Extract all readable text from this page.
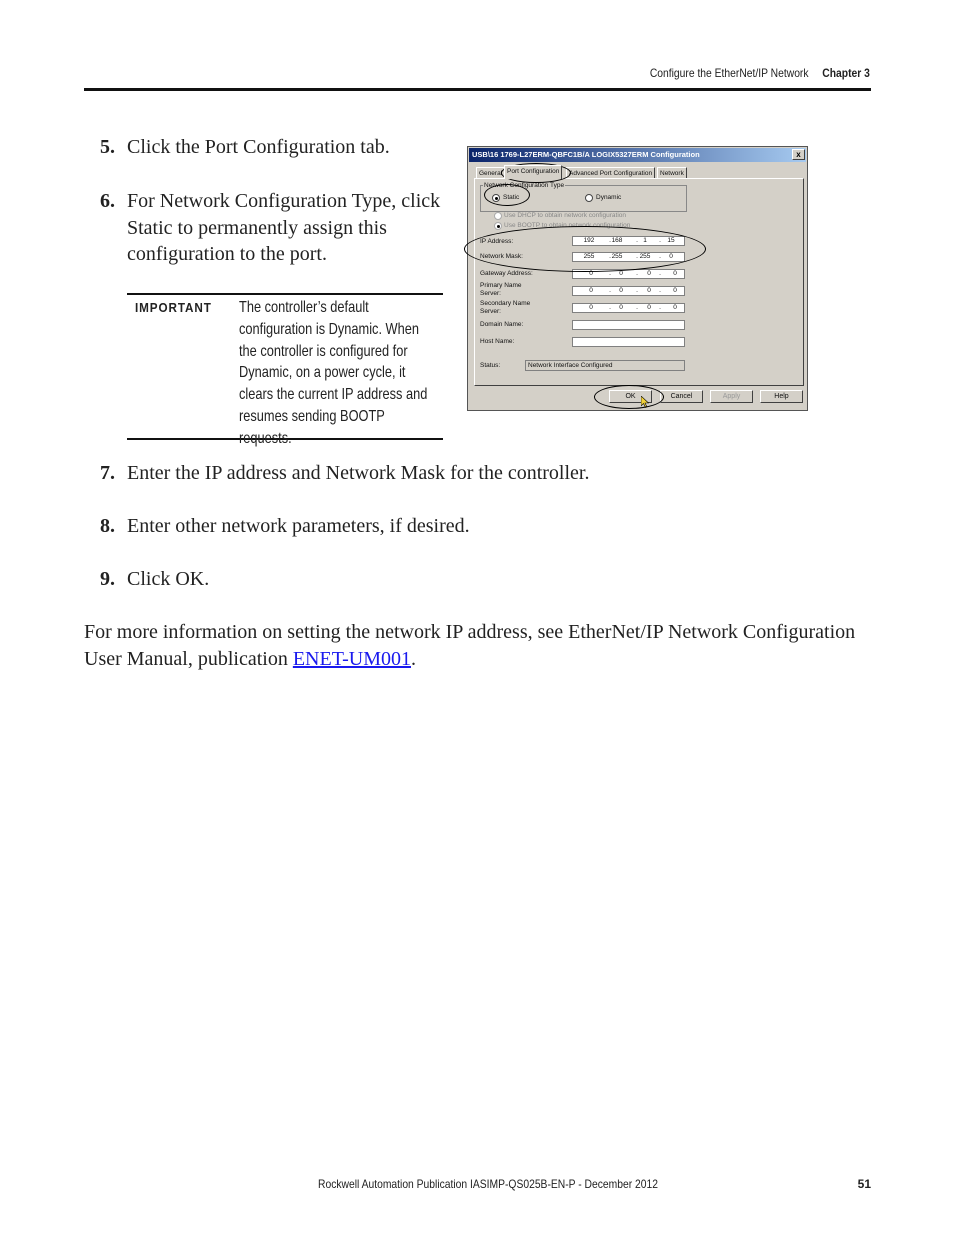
Configure the EtherNet/IP Network Chapter 3
5. Click the Port Configuration tab.
6. For Network Configuration Type, click Static to permanently assign this configuration to the port.
IMPORTANT The controller’s default configuration is Dynamic. When the controller is configured for Dynamic, on a power cycle, it clears the current IP address and resumes sending BOOTP requests.
USB\16 1769-L27ERM-QBFC1B/A LOGIX5327ERM Configuration	x
General Port Configuration	Advanced Port Configuration	Network
Network Configuration Type
Static	Dynamic
Use DHCP to obtain network configuration
Use BOOTP to obtain network configuration
IP Address:	192	. 168	. 1	. 15
Network Mask:	255	. 255	. 255	.	0
Gateway Address:	0	.	0	.	0	.	0
Primary Name Server:	0	.	0	.	0	.	0
Secondary Name Server:	0	.	0	.	0	.	0
Domain Name:
Host Name:
Status:	Network Interface Configured
OK	Cancel	Apply	Help
7. Enter the IP address and Network Mask for the controller.
8. Enter other network parameters, if desired.
9. Click OK.
For more information on setting the network IP address, see EtherNet/IP Network Configuration User Manual, publication ENET-UM001.
Rockwell Automation Publication IASIMP-QS025B-EN-P - December 2012	51
